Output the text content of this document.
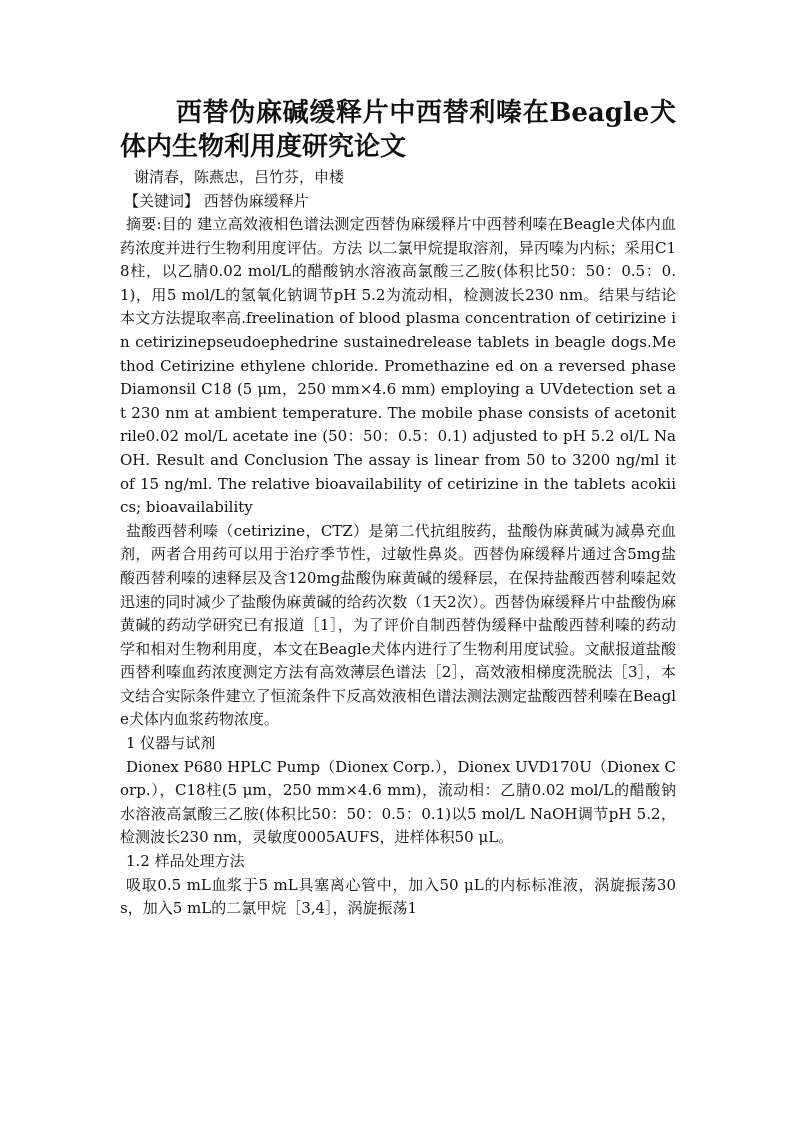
西替伪麻碱缓释片中西替利嗪在Beagle犬体内生物利用度研究论文

谢清春，陈燕忠，吕竹芬，申楼

【关键词】 西替伪麻缓释片

摘要:目的 建立高效液相色谱法测定西替伪麻缓释片中西替利嗪在Beagle犬体内血药浓度并进行生物利用度评估。方法 以二氯甲烷提取溶剂，异丙嗪为内标；采用C18柱，以乙腈0.02 mol/L的醋酸钠水溶液高氯酸三乙胺(体积比50：50：0.5：0.1)，用5 mol/L的氢氧化钠调节pH 5.2为流动相，检测波长230 nm。结果与结论 本文方法提取率高.freelination of blood plasma concentration of cetirizine in cetirizinepseudoephedrine sustainedrelease tablets in beagle dogs.Method Cetirizine ethylene chloride. Promethazine ed on a reversed phase Diamonsil C18 (5 μm，250 mm×4.6 mm) employing a UVdetection set at 230 nm at ambient temperature. The mobile phase consists of acetonitrile0.02 mol/L acetate ine (50：50：0.5：0.1) adjusted to pH 5.2 ol/L NaOH. Result and Conclusion The assay is linear from 50 to 3200 ng/ml it of 15 ng/ml. The relative bioavailability of cetirizine in the tablets acokiics; bioavailability

盐酸西替利嗪（cetirizine，CTZ）是第二代抗组胺药，盐酸伪麻黄碱为减鼻充血剂，两者合用药可以用于治疗季节性，过敏性鼻炎。西替伪麻缓释片通过含5mg盐酸西替利嗪的速释层及含120mg盐酸伪麻黄碱的缓释层，在保持盐酸西替利嗪起效迅速的同时减少了盐酸伪麻黄碱的给药次数（1天2次）。西替伪麻缓释片中盐酸伪麻黄碱的药动学研究已有报道［1］，为了评价自制西替伪缓释中盐酸西替利嗪的药动学和相对生物利用度，本文在Beagle犬体内进行了生物利用度试验。文献报道盐酸西替利嗪血药浓度测定方法有高效薄层色谱法［2］，高效液相梯度洗脱法［3］，本文结合实际条件建立了恒流条件下反高效液相色谱法测法测定盐酸西替利嗪在Beagle犬体内血浆药物浓度。

1 仪器与试剂

Dionex P680 HPLC Pump（Dionex Corp.），Dionex UVD170U（Dionex Corp.），C18柱(5 μm，250 mm×4.6 mm)，流动相：乙腈0.02 mol/L的醋酸钠水溶液高氯酸三乙胺(体积比50：50：0.5：0.1)以5 mol/L NaOH调节pH 5.2，检测波长230 nm，灵敏度0005AUFS，进样体积50 μL。

1.2 样品处理方法

吸取0.5 mL血浆于5 mL具塞离心管中，加入50 μL的内标标准液，涡旋振荡30 s，加入5 mL的二氯甲烷［3,4］，涡旋振荡1
